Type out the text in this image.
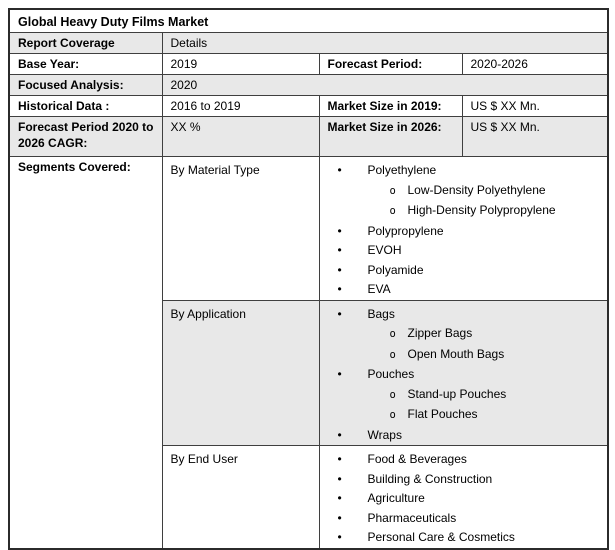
Global Heavy Duty Films Market			
Report Coverage	Details		
Base Year:	2019	Forecast Period:	2020-2026
Focused Analysis:	2020		
Historical Data :	2016 to 2019	Market Size in 2019:	US $ XX Mn.
Forecast Period 2020 to 2026 CAGR:	XX %	Market Size in 2026:	US $ XX Mn.
Segments Covered:	By Material Type	•	Polyethylene
o Low-Density Polyethylene
o High-Density Polypropylene
•	Polypropylene
•	EVOH
•	Polyamide
•	EVA

By Application	•	Bags
o Zipper Bags
o Open Mouth Bags
•	Pouches
o Stand-up Pouches
o Flat Pouches
•	Wraps

By End User	•	Food & Beverages
•	Building & Construction
•	Agriculture
•	Pharmaceuticals
•	Personal Care & Cosmetics
